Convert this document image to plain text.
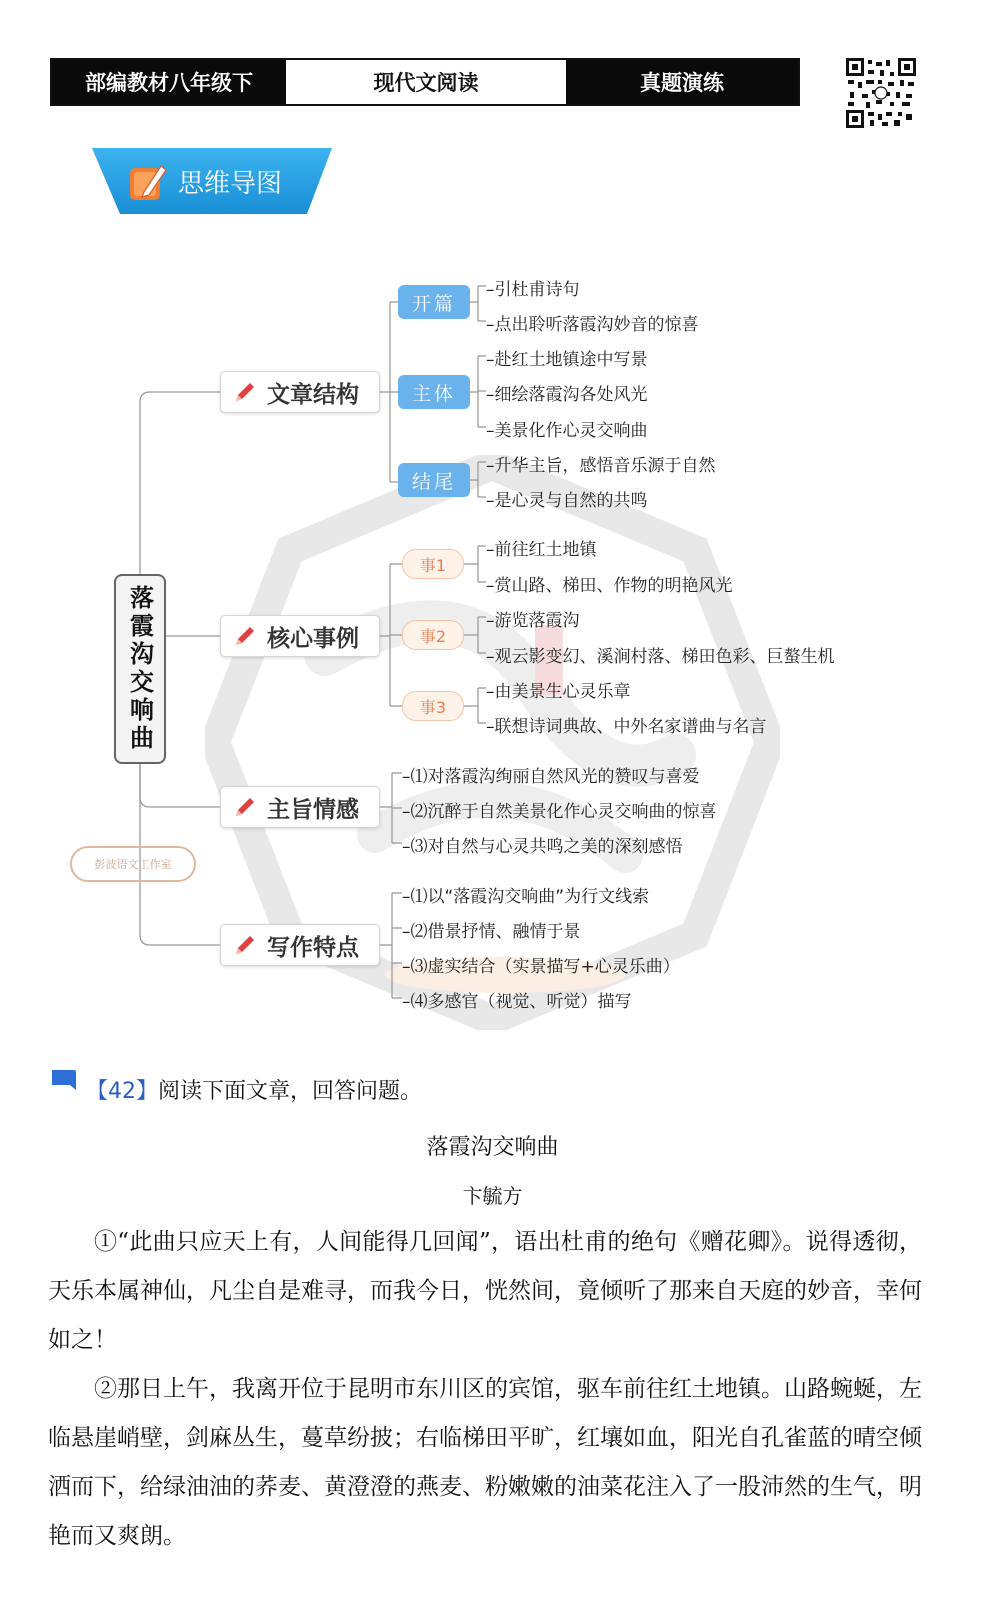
部编教材八年级下	现代文阅读	真题演练
思维导图
落霞沟交响曲
彭波语文工作室
文章结构
核心事例
主旨情感
写作特点
开篇
主体
结尾
–引杜甫诗句
–点出聆听落霞沟妙音的惊喜
–赴红土地镇途中写景
–细绘落霞沟各处风光
–美景化作心灵交响曲
–升华主旨，感悟音乐源于自然
–是心灵与自然的共鸣
事1
事2
事3
–前往红土地镇
–赏山路、梯田、作物的明艳风光
–游览落霞沟
–观云影变幻、溪涧村落、梯田色彩、巨螯生机
–由美景生心灵乐章
–联想诗词典故、中外名家谱曲与名言
–⑴对落霞沟绚丽自然风光的赞叹与喜爱
–⑵沉醉于自然美景化作心灵交响曲的惊喜
–⑶对自然与心灵共鸣之美的深刻感悟
–⑴以“落霞沟交响曲”为行文线索
–⑵借景抒情、融情于景
–⑶虚实结合（实景描写+心灵乐曲）
–⑷多感官（视觉、听觉）描写
【42】阅读下面文章，回答问题。
落霞沟交响曲
卞毓方
①“此曲只应天上有，人间能得几回闻”，语出杜甫的绝句《赠花卿》。说得透彻，天乐本属神仙，凡尘自是难寻，而我今日，恍然间，竟倾听了那来自天庭的妙音，幸何如之！
②那日上午，我离开位于昆明市东川区的宾馆，驱车前往红土地镇。山路蜿蜒，左临悬崖峭壁，剑麻丛生，蔓草纷披；右临梯田平旷，红壤如血，阳光自孔雀蓝的晴空倾洒而下，给绿油油的荞麦、黄澄澄的燕麦、粉嫩嫩的油菜花注入了一股沛然的生气，明艳而又爽朗。
